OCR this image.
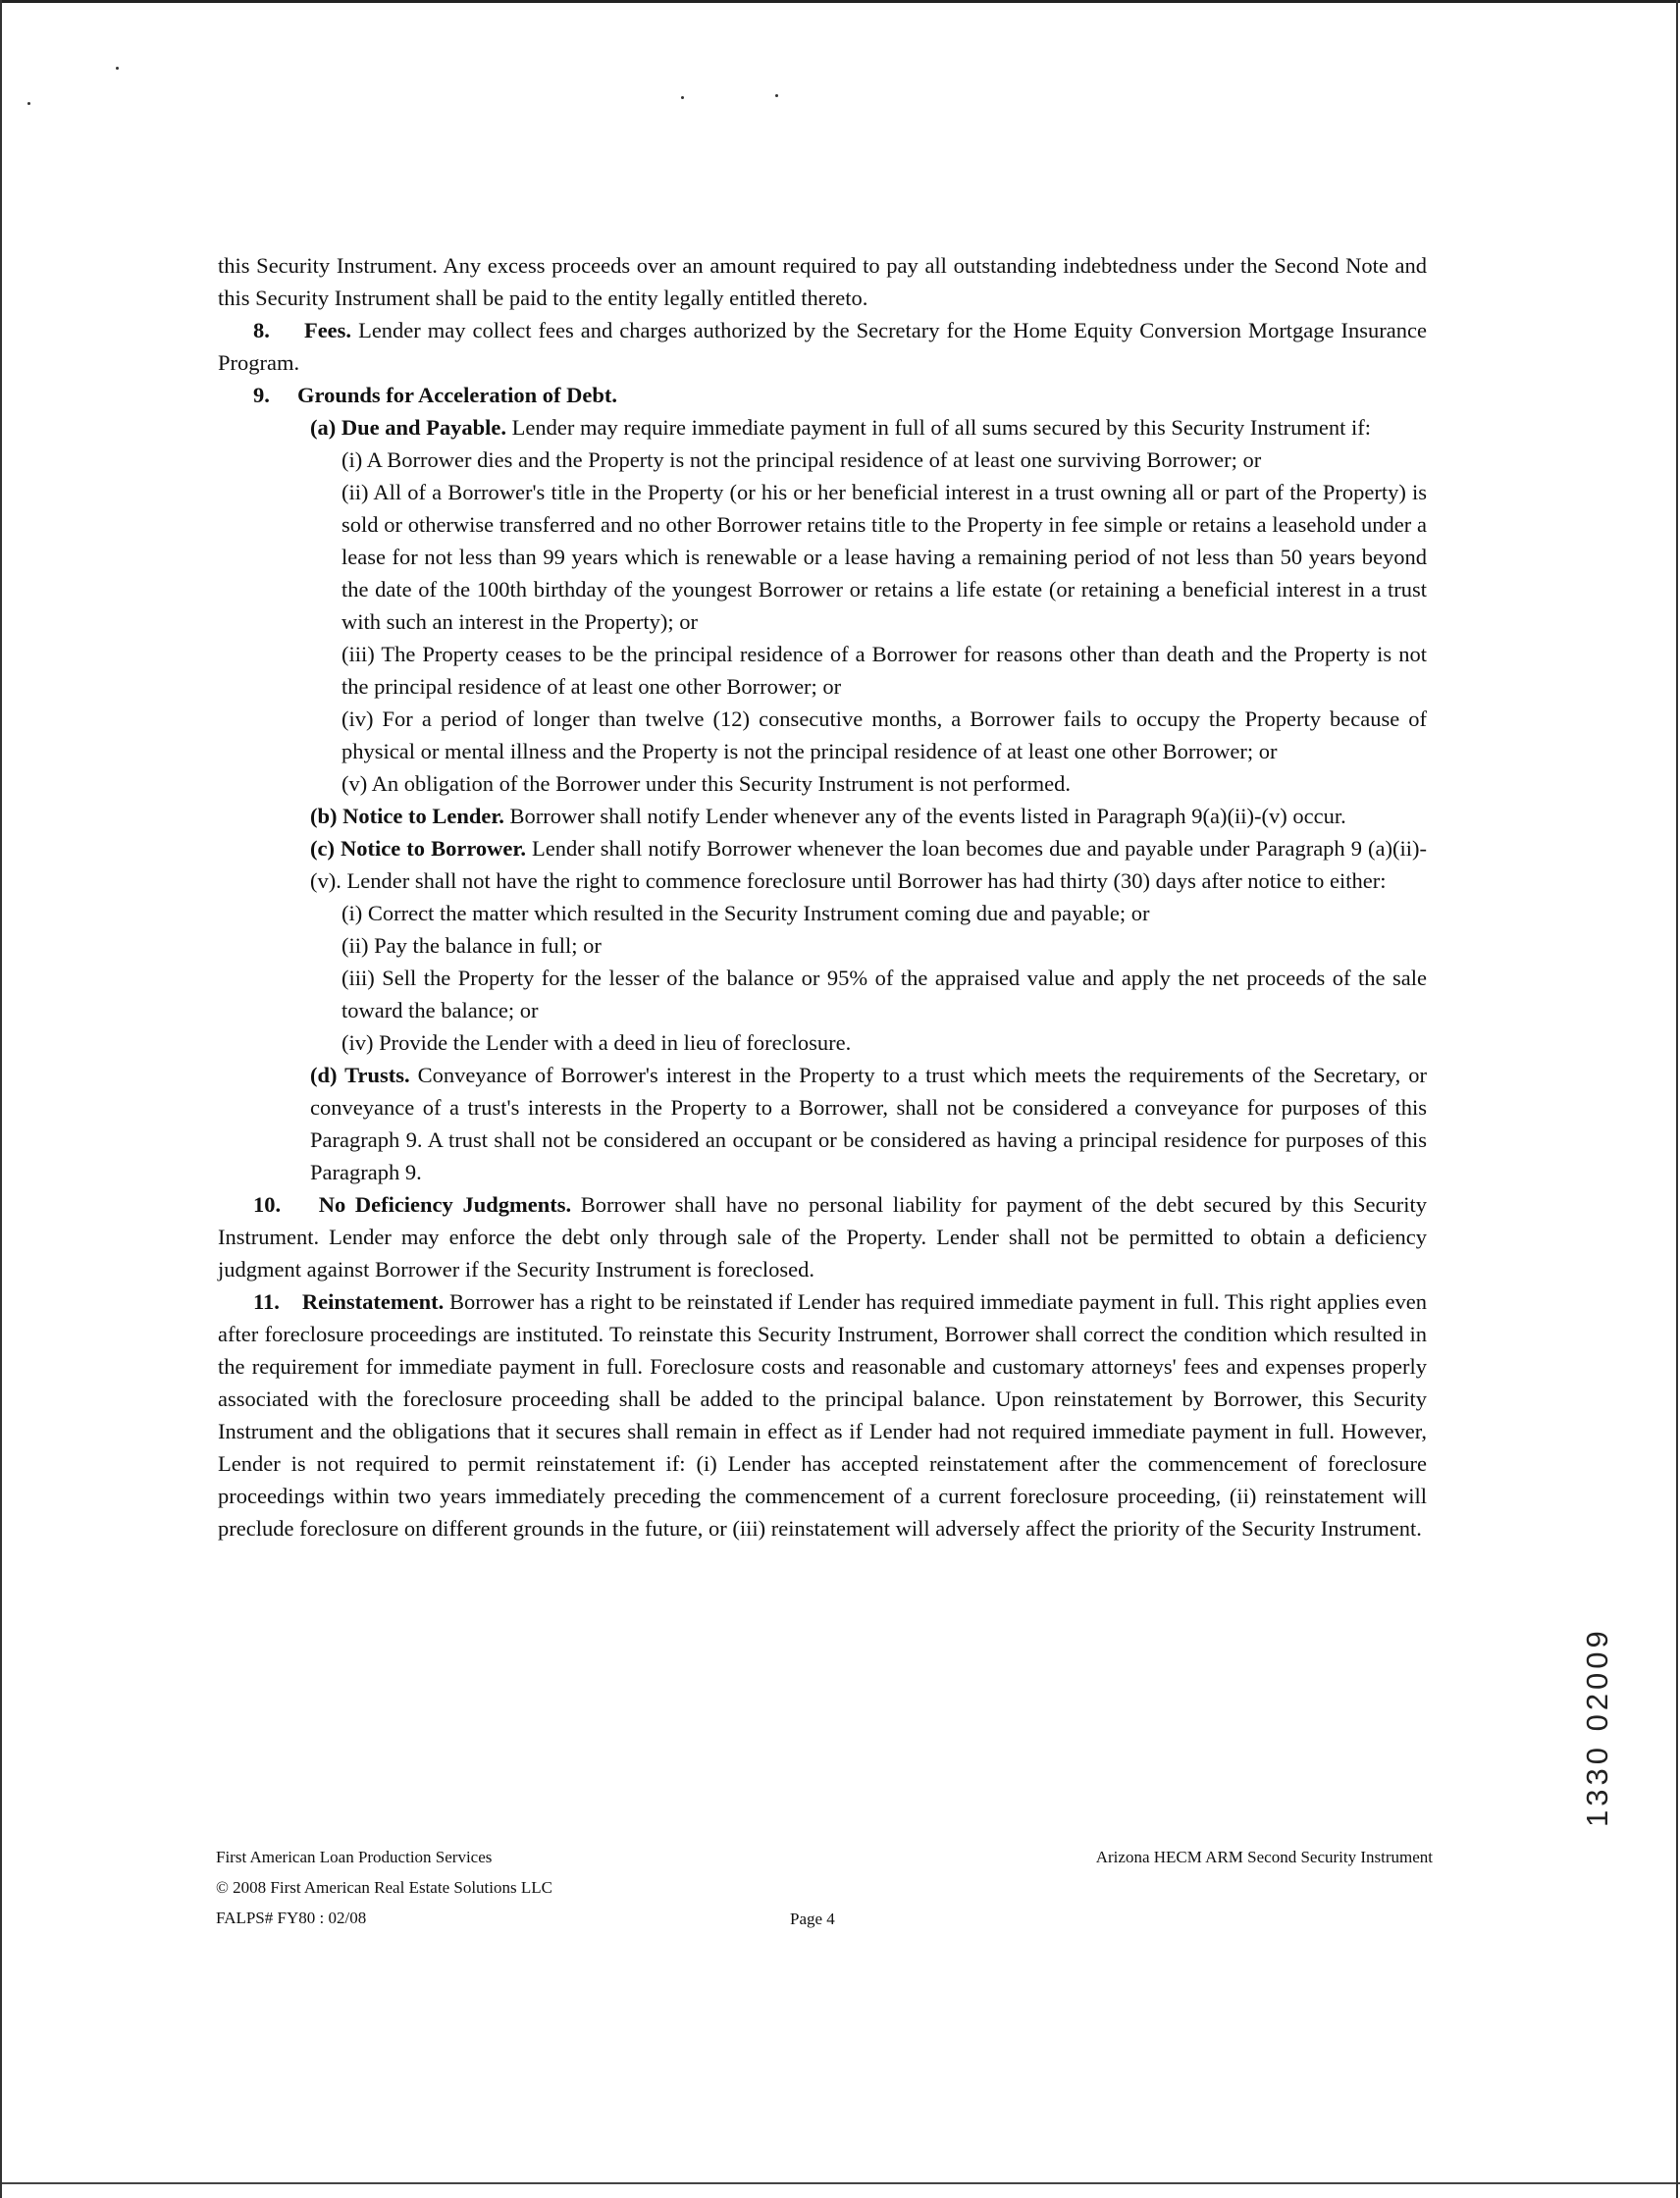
this Security Instrument. Any excess proceeds over an amount required to pay all outstanding indebtedness under the Second Note and this Security Instrument shall be paid to the entity legally entitled thereto.

8. Fees. Lender may collect fees and charges authorized by the Secretary for the Home Equity Conversion Mortgage Insurance Program.

9. Grounds for Acceleration of Debt.

(a) Due and Payable. Lender may require immediate payment in full of all sums secured by this Security Instrument if:

(i) A Borrower dies and the Property is not the principal residence of at least one surviving Borrower; or

(ii) All of a Borrower's title in the Property (or his or her beneficial interest in a trust owning all or part of the Property) is sold or otherwise transferred and no other Borrower retains title to the Property in fee simple or retains a leasehold under a lease for not less than 99 years which is renewable or a lease having a remaining period of not less than 50 years beyond the date of the 100th birthday of the youngest Borrower or retains a life estate (or retaining a beneficial interest in a trust with such an interest in the Property); or

(iii) The Property ceases to be the principal residence of a Borrower for reasons other than death and the Property is not the principal residence of at least one other Borrower; or

(iv) For a period of longer than twelve (12) consecutive months, a Borrower fails to occupy the Property because of physical or mental illness and the Property is not the principal residence of at least one other Borrower; or

(v) An obligation of the Borrower under this Security Instrument is not performed.

(b) Notice to Lender. Borrower shall notify Lender whenever any of the events listed in Paragraph 9(a)(ii)-(v) occur.

(c) Notice to Borrower. Lender shall notify Borrower whenever the loan becomes due and payable under Paragraph 9 (a)(ii)-(v). Lender shall not have the right to commence foreclosure until Borrower has had thirty (30) days after notice to either:

(i) Correct the matter which resulted in the Security Instrument coming due and payable; or

(ii) Pay the balance in full; or

(iii) Sell the Property for the lesser of the balance or 95% of the appraised value and apply the net proceeds of the sale toward the balance; or

(iv) Provide the Lender with a deed in lieu of foreclosure.

(d) Trusts. Conveyance of Borrower's interest in the Property to a trust which meets the requirements of the Secretary, or conveyance of a trust's interests in the Property to a Borrower, shall not be considered a conveyance for purposes of this Paragraph 9. A trust shall not be considered an occupant or be considered as having a principal residence for purposes of this Paragraph 9.

10. No Deficiency Judgments. Borrower shall have no personal liability for payment of the debt secured by this Security Instrument. Lender may enforce the debt only through sale of the Property. Lender shall not be permitted to obtain a deficiency judgment against Borrower if the Security Instrument is foreclosed.

11. Reinstatement. Borrower has a right to be reinstated if Lender has required immediate payment in full. This right applies even after foreclosure proceedings are instituted. To reinstate this Security Instrument, Borrower shall correct the condition which resulted in the requirement for immediate payment in full. Foreclosure costs and reasonable and customary attorneys' fees and expenses properly associated with the foreclosure proceeding shall be added to the principal balance. Upon reinstatement by Borrower, this Security Instrument and the obligations that it secures shall remain in effect as if Lender had not required immediate payment in full. However, Lender is not required to permit reinstatement if: (i) Lender has accepted reinstatement after the commencement of foreclosure proceedings within two years immediately preceding the commencement of a current foreclosure proceeding, (ii) reinstatement will preclude foreclosure on different grounds in the future, or (iii) reinstatement will adversely affect the priority of the Security Instrument.

First American Loan Production Services
© 2008 First American Real Estate Solutions LLC
FALPS# FY80 : 02/08
Arizona HECM ARM Second Security Instrument
Page 4
1330 02009
